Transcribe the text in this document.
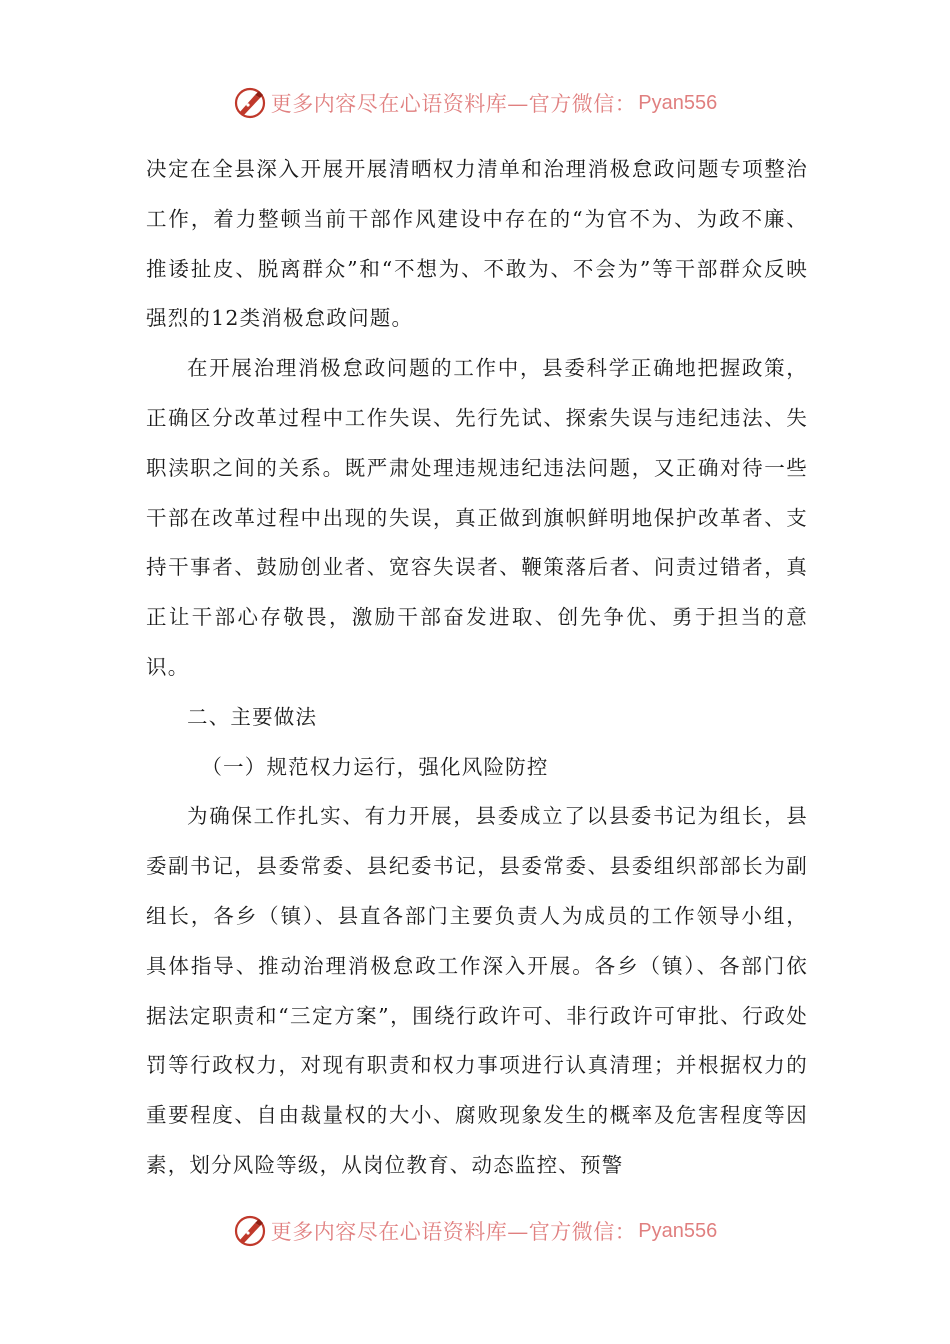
更多内容尽在心语资料库—官方微信： Pyan556

决定在全县深入开展开展清晒权力清单和治理消极怠政问题专项整治工作，着力整顿当前干部作风建设中存在的“为官不为、为政不廉、推诿扯皮、脱离群众”和“不想为、不敢为、不会为”等干部群众反映强烈的12类消极怠政问题。

在开展治理消极怠政问题的工作中，县委科学正确地把握政策，正确区分改革过程中工作失误、先行先试、探索失误与违纪违法、失职渎职之间的关系。既严肃处理违规违纪违法问题，又正确对待一些干部在改革过程中出现的失误，真正做到旗帜鲜明地保护改革者、支持干事者、鼓励创业者、宽容失误者、鞭策落后者、问责过错者，真正让干部心存敬畏，激励干部奋发进取、创先争优、勇于担当的意识。

二、主要做法

（一）规范权力运行，强化风险防控

为确保工作扎实、有力开展，县委成立了以县委书记为组长，县委副书记，县委常委、县纪委书记，县委常委、县委组织部部长为副组长，各乡（镇）、县直各部门主要负责人为成员的工作领导小组，具体指导、推动治理消极怠政工作深入开展。各乡（镇）、各部门依据法定职责和“三定方案”，围绕行政许可、非行政许可审批、行政处罚等行政权力，对现有职责和权力事项进行认真清理；并根据权力的重要程度、自由裁量权的大小、腐败现象发生的概率及危害程度等因素，划分风险等级，从岗位教育、动态监控、预警

更多内容尽在心语资料库—官方微信： Pyan556
